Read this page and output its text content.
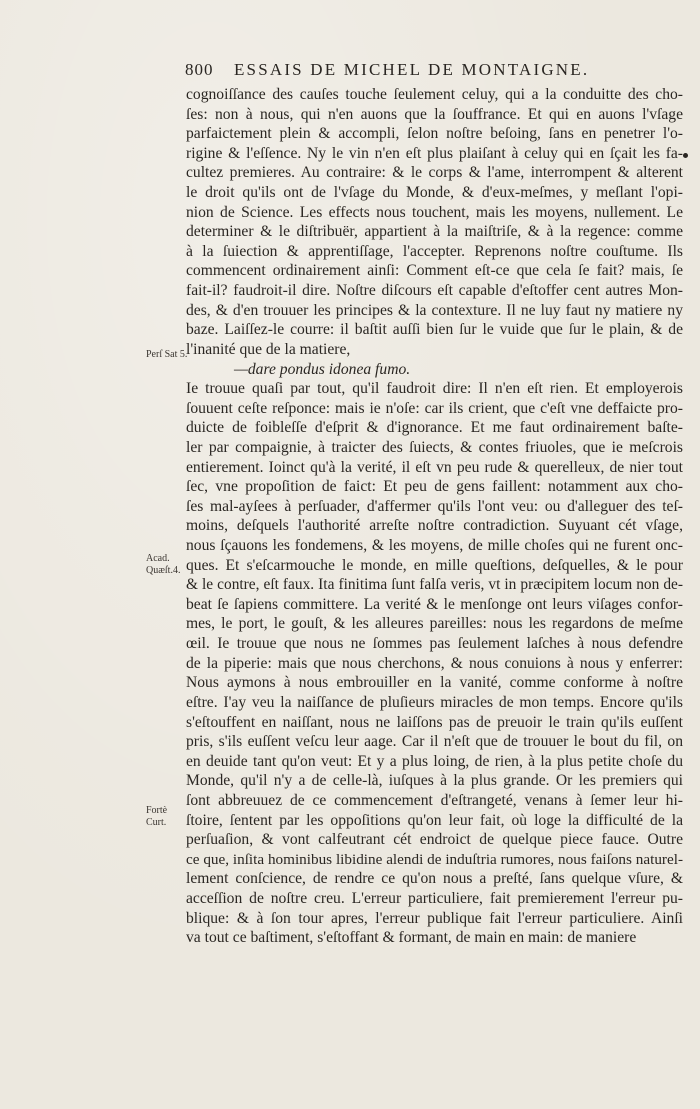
800 ESSAIS DE MICHEL DE MONTAIGNE.
Perſ Sat 5.
Acad.
Quæſt.4.
Fortè
Curt.
cognoiſſance des cauſes touche ſeulement celuy, qui a la conduitte des cho-
ſes: non à nous, qui n'en auons que la ſouffrance. Et qui en auons l'vſage
parfaictement plein & accompli, ſelon noſtre beſoing, ſans en penetrer l'o-
rigine & l'eſſence. Ny le vin n'en eſt plus plaiſant à celuy qui en ſçait les fa-
cultez premieres. Au contraire: & le corps & l'ame, interrompent & alterent
le droit qu'ils ont de l'vſage du Monde, & d'eux-meſmes, y meſlant l'opi-
nion de Science. Les effects nous touchent, mais les moyens, nullement. Le
determiner & le diſtribuër, appartient à la maiſtriſe, & à la regence: comme
à la ſuiection & apprentiſſage, l'accepter. Reprenons noſtre couſtume. Ils
commencent ordinairement ainſi: Comment eſt-ce que cela ſe fait? mais, ſe
fait-il? faudroit-il dire. Noſtre diſcours eſt capable d'eſtoffer cent autres Mon-
des, & d'en trouuer les principes & la contexture. Il ne luy faut ny matiere ny
baze. Laiſſez-le courre: il baſtit auſſi bien ſur le vuide que ſur le plain, & de
l'inanité que de la matiere,
—dare pondus idonea fumo.
Ie trouue quaſi par tout, qu'il faudroit dire: Il n'en eſt rien. Et employerois
ſouuent ceſte reſponce: mais ie n'oſe: car ils crient, que c'eſt vne deffaicte pro-
duicte de foibleſſe d'eſprit & d'ignorance. Et me faut ordinairement baſte-
ler par compaignie, à traicter des ſuiects, & contes friuoles, que ie meſcrois
entierement. Ioinct qu'à la verité, il eſt vn peu rude & querelleux, de nier tout
ſec, vne propoſition de faict: Et peu de gens faillent: notamment aux cho-
ſes mal-ayſees à perſuader, d'affermer qu'ils l'ont veu: ou d'alleguer des teſ-
moins, deſquels l'authorité arreſte noſtre contradiction. Suyuant cét vſage,
nous ſçauons les fondemens, & les moyens, de mille choſes qui ne furent onc-
ques. Et s'eſcarmouche le monde, en mille queſtions, deſquelles, & le pour
& le contre, eſt faux. Ita finitima ſunt falſa veris, vt in præcipitem locum non de-
beat ſe ſapiens committere. La verité & le menſonge ont leurs viſages confor-
mes, le port, le gouſt, & les alleures pareilles: nous les regardons de meſme
œil. Ie trouue que nous ne ſommes pas ſeulement laſches à nous defendre
de la piperie: mais que nous cherchons, & nous conuions à nous y enferrer:
Nous aymons à nous embrouiller en la vanité, comme conforme à noſtre
eſtre. I'ay veu la naiſſance de pluſieurs miracles de mon temps. Encore qu'ils
s'eſtouffent en naiſſant, nous ne laiſſons pas de preuoir le train qu'ils euſſent
pris, s'ils euſſent veſcu leur aage. Car il n'eſt que de trouuer le bout du fil, on
en deuide tant qu'on veut: Et y a plus loing, de rien, à la plus petite choſe du
Monde, qu'il n'y a de celle-là, iuſques à la plus grande. Or les premiers qui
ſont abbreuuez de ce commencement d'eſtrangeté, venans à ſemer leur hi-
ſtoire, ſentent par les oppoſitions qu'on leur fait, où loge la difficulté de la
perſuaſion, & vont calfeutrant cét endroict de quelque piece fauce. Outre
ce que, inſita hominibus libidine alendi de induſtria rumores, nous faiſons naturel-
lement conſcience, de rendre ce qu'on nous a preſté, ſans quelque vſure, &
acceſſion de noſtre creu. L'erreur particuliere, fait premierement l'erreur pu-
blique: & à ſon tour apres, l'erreur publique fait l'erreur particuliere. Ainſi
va tout ce baſtiment, s'eſtoffant & formant, de main en main: de maniere
